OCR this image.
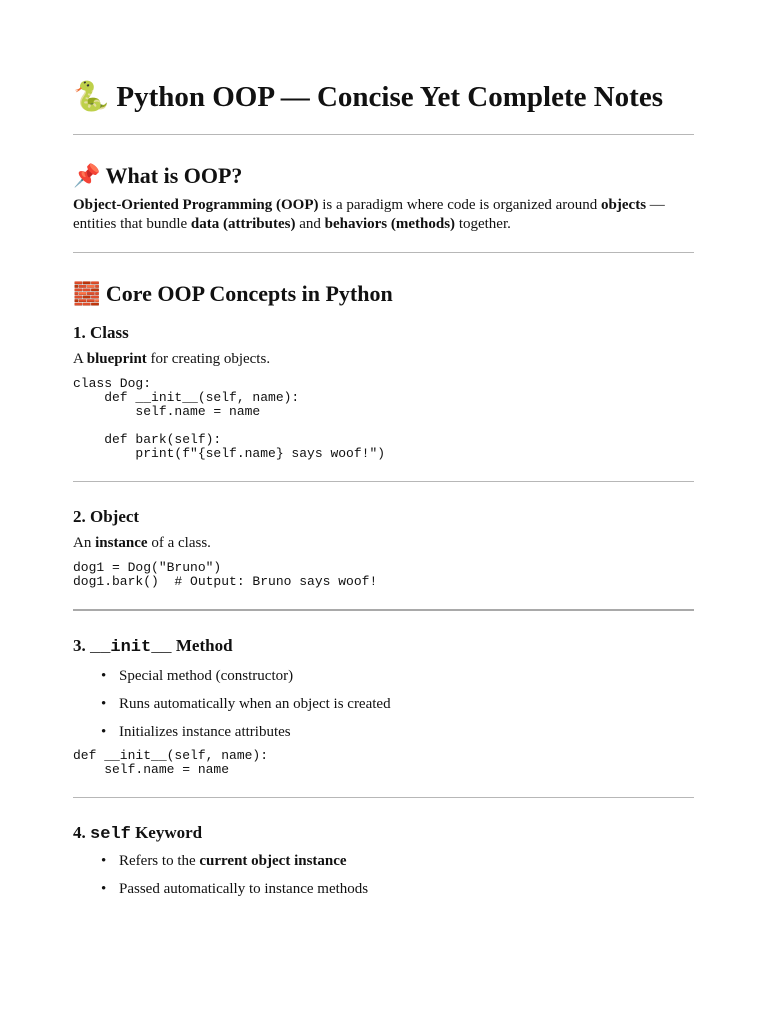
🐍 Python OOP — Concise Yet Complete Notes
📌 What is OOP?

Object-Oriented Programming (OOP) is a paradigm where code is organized around objects — entities that bundle data (attributes) and behaviors (methods) together.

🧱 Core OOP Concepts in Python
1. Class

A blueprint for creating objects.

class Dog:
def __init__(self, name):
self.name = name

def bark(self):
print(f"{self.name} says woof!")
2. Object

An instance of a class.

dog1 = Dog("Bruno")
dog1.bark()  # Output: Bruno says woof!
3. __init__ Method
• Special method (constructor)
• Runs automatically when an object is created
• Initializes instance attributes
def __init__(self, name):
self.name = name
4. self Keyword
• Refers to the current object instance
• Passed automatically to instance methods
